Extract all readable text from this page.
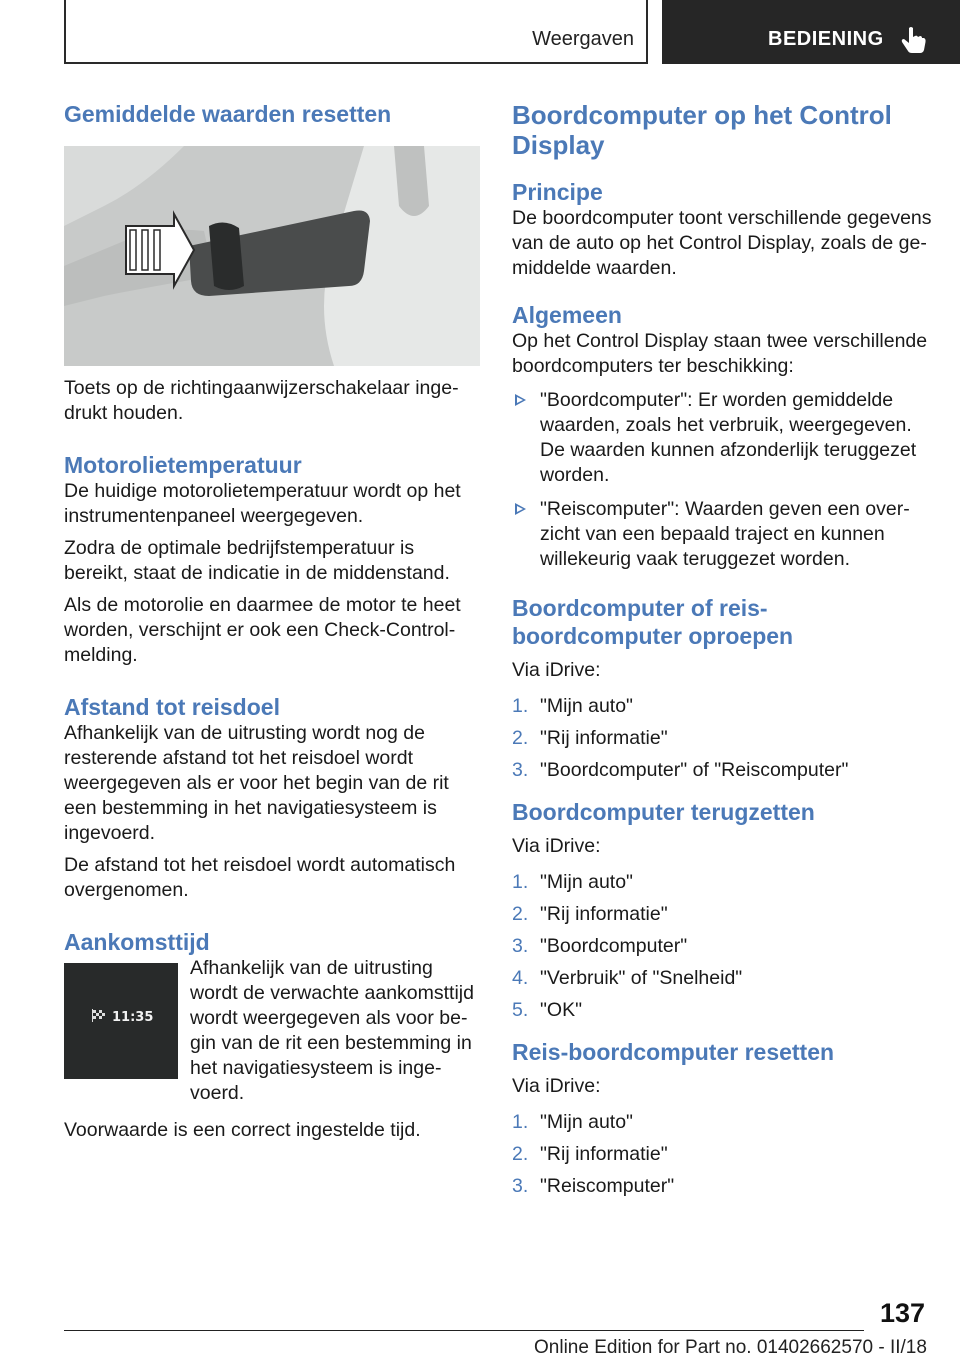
Weergaven	BEDIENING
Gemiddelde waarden resetten

Toets op de richtingaanwijzerschakelaar ingedrukt houden.

Motorolietemperatuur

De huidige motorolietemperatuur wordt op het instrumentenpaneel weergegeven.

Zodra de optimale bedrijfstemperatuur is bereikt, staat de indicatie in de middenstand.

Als de motorolie en daarmee de motor te heet worden, verschijnt er ook een Check-Control-melding.

Afstand tot reisdoel

Afhankelijk van de uitrusting wordt nog de resterende afstand tot het reisdoel wordt weergegeven als er voor het begin van de rit een bestemming in het navigatiesysteem is ingevoerd.

De afstand tot het reisdoel wordt automatisch overgenomen.

Aankomsttijd
11:35

Afhankelijk van de uitrusting wordt de verwachte aankomsttijd wordt weergegeven als voor begin van de rit een bestemming in het navigatiesysteem is ingevoerd.

Voorwaarde is een correct ingestelde tijd.

Boordcomputer op het Control Display
Principe

De boordcomputer toont verschillende gegevens van de auto op het Control Display, zoals de gemiddelde waarden.

Algemeen

Op het Control Display staan twee verschillende boordcomputers ter beschikking:

"Boordcomputer": Er worden gemiddelde waarden, zoals het verbruik, weergegeven. De waarden kunnen afzonderlijk teruggezet worden.
"Reiscomputer": Waarden geven een overzicht van een bepaald traject en kunnen willekeurig vaak teruggezet worden.
Boordcomputer of reisboordcomputer oproepen

Via iDrive:

1. "Mijn auto"
2. "Rij informatie"
3. "Boordcomputer" of "Reiscomputer"
Boordcomputer terugzetten

Via iDrive:

1. "Mijn auto"
2. "Rij informatie"
3. "Boordcomputer"
4. "Verbruik" of "Snelheid"
5. "OK"
Reis-boordcomputer resetten

Via iDrive:

1. "Mijn auto"
2. "Rij informatie"
3. "Reiscomputer"
137
Online Edition for Part no. 01402662570 - II/18
